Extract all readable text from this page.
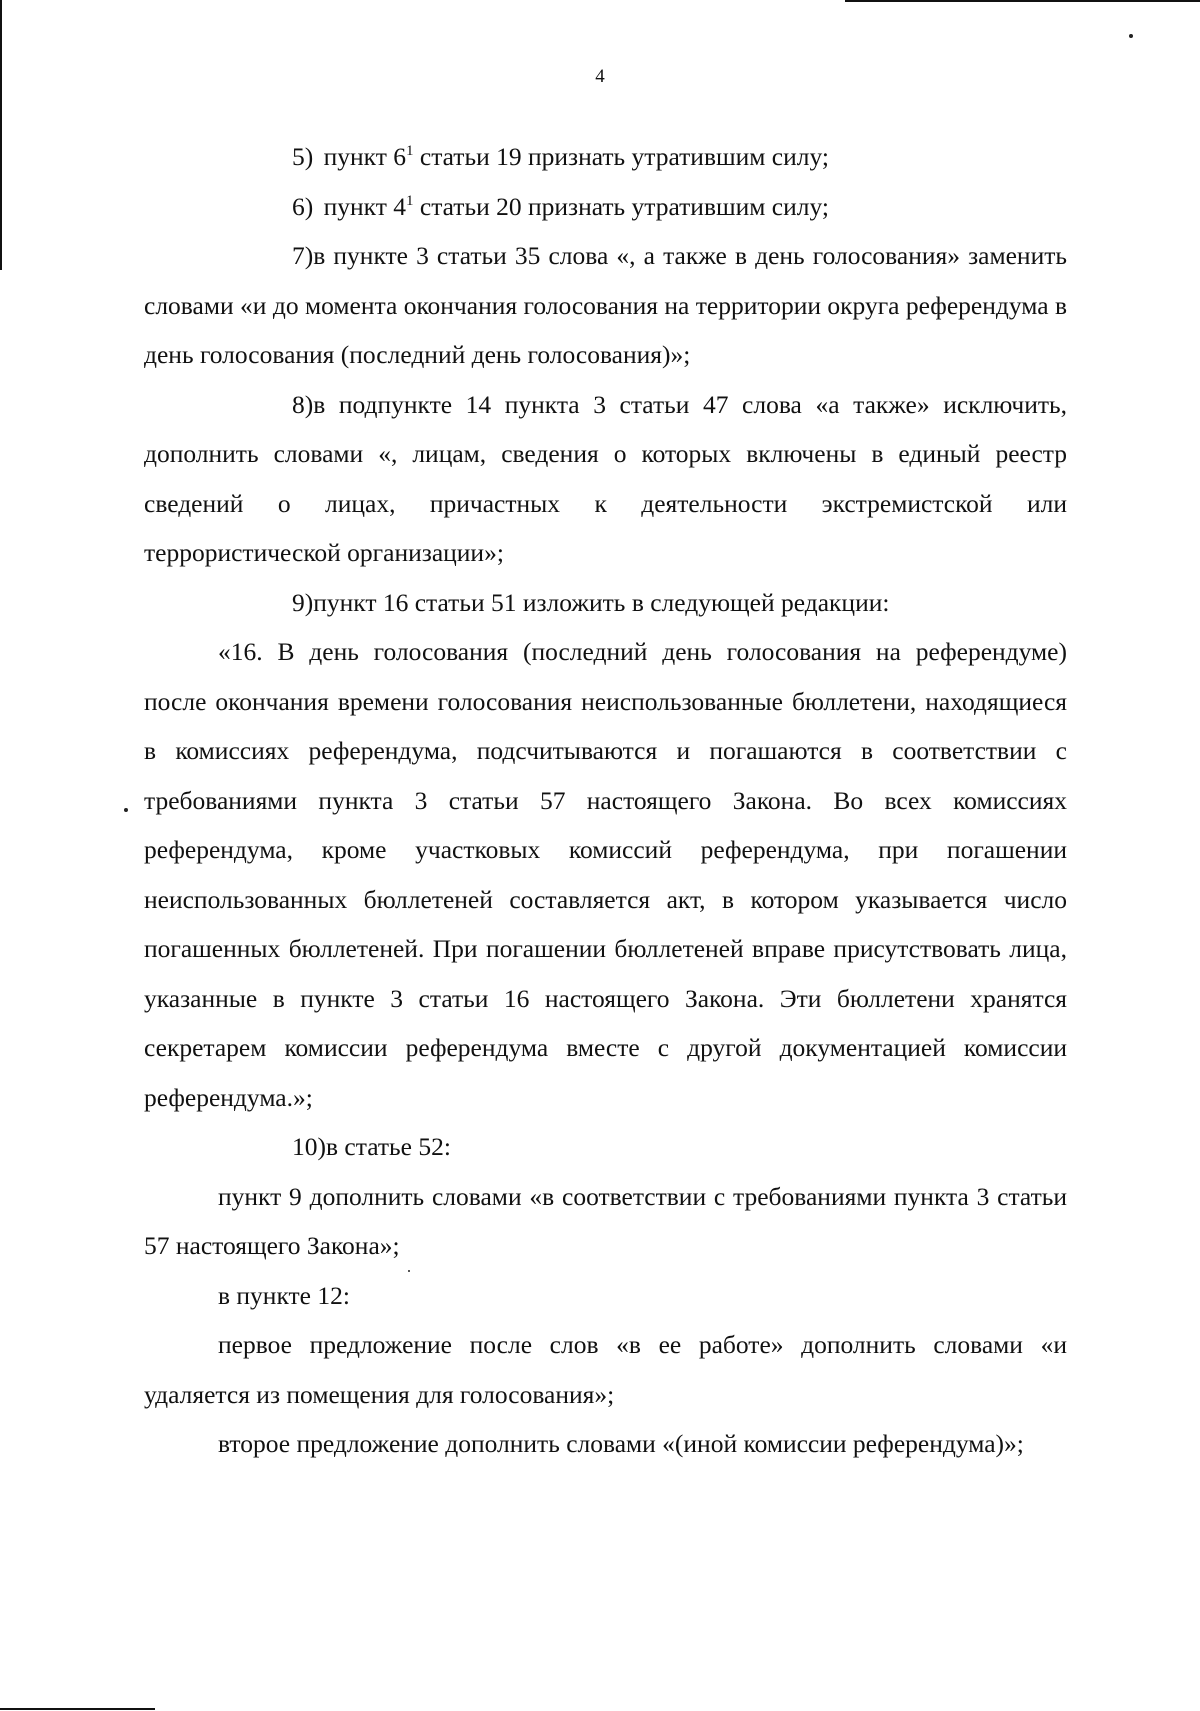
4

5) пункт $6^1$ статьи 19 признать утратившим силу;

6) пункт $4^1$ статьи 20 признать утратившим силу;

7)в пункте 3 статьи 35 слова «, а также в день голосования» заменить словами «и до момента окончания голосования на территории округа референдума в день голосования (последний день голосования)»;

8)в подпункте 14 пункта 3 статьи 47 слова «а также» исключить, дополнить словами «, лицам, сведения о которых включены в единый реестр сведений о лицах, причастных к деятельности экстремистской или террористической организации»;

9)пункт 16 статьи 51 изложить в следующей редакции:

«16. В день голосования (последний день голосования на референдуме) после окончания времени голосования неиспользованные бюллетени, находящиеся в комиссиях референдума, подсчитываются и погашаются в соответствии с требованиями пункта 3 статьи 57 настоящего Закона. Во всех комиссиях референдума, кроме участковых комиссий референдума, при погашении неиспользованных бюллетеней составляется акт, в котором указывается число погашенных бюллетеней. При погашении бюллетеней вправе присутствовать лица, указанные в пункте 3 статьи 16 настоящего Закона. Эти бюллетени хранятся секретарем комиссии референдума вместе с другой документацией комиссии референдума.»;

10)в статье 52:

пункт 9 дополнить словами «в соответствии с требованиями пункта 3 статьи 57 настоящего Закона»;

в пункте 12:

первое предложение после слов «в ее работе» дополнить словами «и удаляется из помещения для голосования»;

второе предложение дополнить словами «(иной комиссии референдума)»;
